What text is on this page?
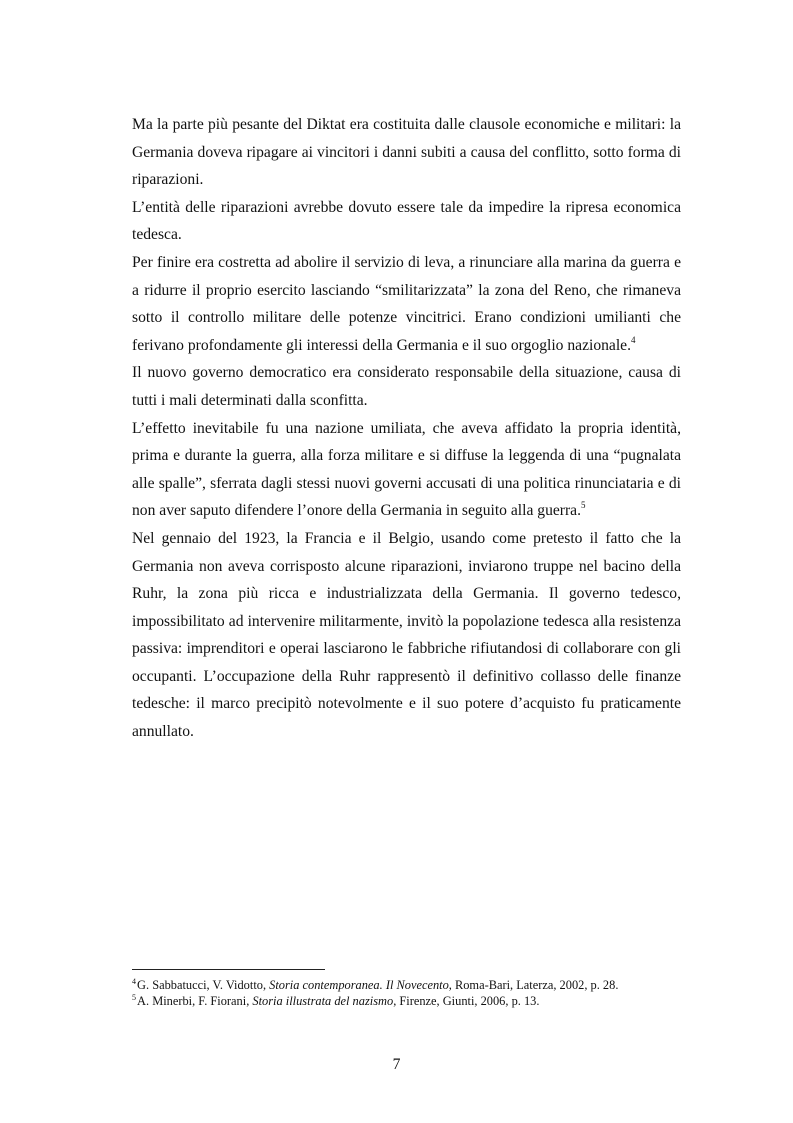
Ma la parte più pesante del Diktat era costituita dalle clausole economiche e militari: la Germania doveva ripagare ai vincitori i danni subiti a causa del conflitto, sotto forma di riparazioni.

L’entità delle riparazioni avrebbe dovuto essere tale da impedire la ripresa economica tedesca.

Per finire era costretta ad abolire il servizio di leva, a rinunciare alla marina da guerra e a ridurre il proprio esercito lasciando “smilitarizzata” la zona del Reno, che rimaneva sotto il controllo militare delle potenze vincitrici. Erano condizioni umilianti che ferivano profondamente gli interessi della Germania e il suo orgoglio nazionale.$^4$

Il nuovo governo democratico era considerato responsabile della situazione, causa di tutti i mali determinati dalla sconfitta.

L’effetto inevitabile fu una nazione umiliata, che aveva affidato la propria identità, prima e durante la guerra, alla forza militare e si diffuse la leggenda di una “pugnalata alle spalle”, sferrata dagli stessi nuovi governi accusati di una politica rinunciataria e di non aver saputo difendere l’onore della Germania in seguito alla guerra.$^5$

Nel gennaio del 1923, la Francia e il Belgio, usando come pretesto il fatto che la Germania non aveva corrisposto alcune riparazioni, inviarono truppe nel bacino della Ruhr, la zona più ricca e industrializzata della Germania. Il governo tedesco, impossibilitato ad intervenire militarmente, invitò la popolazione tedesca alla resistenza passiva: imprenditori e operai lasciarono le fabbriche rifiutandosi di collaborare con gli occupanti. L’occupazione della Ruhr rappresentò il definitivo collasso delle finanze tedesche: il marco precipitò notevolmente e il suo potere d’acquisto fu praticamente annullato.

$^4$ G. Sabbatucci, V. Vidotto, Storia contemporanea. Il Novecento, Roma-Bari, Laterza, 2002, p. 28.

$^5$ A. Minerbi, F. Fiorani, Storia illustrata del nazismo, Firenze, Giunti, 2006, p. 13.

7
